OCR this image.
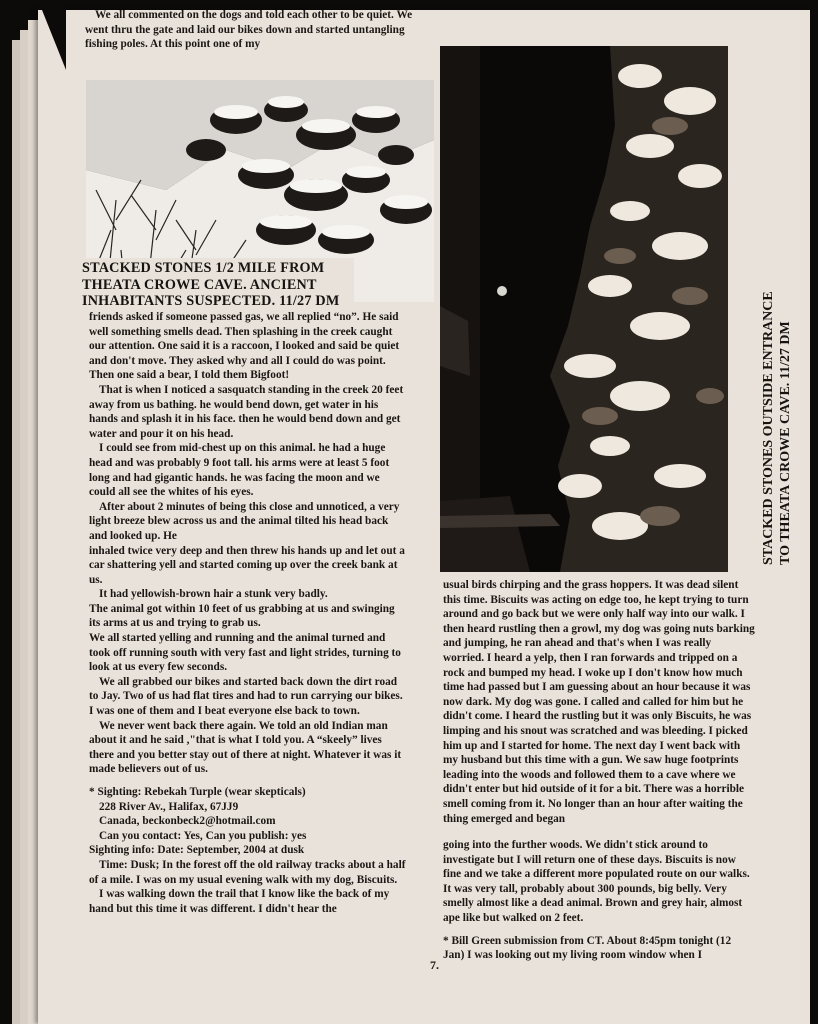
We all commented on the dogs and told each other to be quiet. We went thru the gate and laid our bikes down and started untangling fishing poles. At this point one of my

STACKED STONES 1/2 MILE FROM THEATA CROWE CAVE. ANCIENT INHABITANTS SUSPECTED. 11/27 DM	STACKED STONES OUTSIDE ENTRANCE TO THEATA CROWE CAVE. 11/27 DM

friends asked if someone passed gas, we all replied “no”. He said well something smells dead. Then splashing in the creek caught our attention. One said it is a raccoon, I looked and said be quiet and don't move. They asked why and all I could do was point. Then one said a bear, I told them Bigfoot!

That is when I noticed a sasquatch standing in the creek 20 feet away from us bathing. he would bend down, get water in his hands and splash it in his face. then he would bend down and get water and pour it on his head.

I could see from mid-chest up on this animal. he had a huge head and was probably 9 foot tall. his arms were at least 5 foot long and had gigantic hands. he was facing the moon and we could all see the whites of his eyes.

After about 2 minutes of being this close and unnoticed, a very light breeze blew across us and the animal tilted his head back and looked up. He

inhaled twice very deep and then threw his hands up and let out a car shattering yell and started coming up over the creek bank at us.

It had yellowish-brown hair a stunk very badly.

The animal got within 10 feet of us grabbing at us and swinging its arms at us and trying to grab us.

We all started yelling and running and the animal turned and took off running south with very fast and light strides, turning to look at us every few seconds.

We all grabbed our bikes and started back down the dirt road to Jay. Two of us had flat tires and had to run carrying our bikes. I was one of them and I beat everyone else back to town.

We never went back there again. We told an old Indian man about it and he said ,"that is what I told you. A “skeely” lives there and you better stay out of there at night. Whatever it was it made believers out of us.

* Sighting: Rebekah Turple (wear skepticals)

228 River Av., Halifax, 67JJ9

Canada, beckonbeck2@hotmail.com

Can you contact: Yes, Can you publish: yes

Sighting info: Date: September, 2004 at dusk

Time: Dusk; In the forest off the old railway tracks about a half of a mile. I was on my usual evening walk with my dog, Biscuits.

I was walking down the trail that I know like the back of my hand but this time it was different. I didn't hear the

usual birds chirping and the grass hoppers. It was dead silent this time. Biscuits was acting on edge too, he kept trying to turn around and go back but we were only half way into our walk. I then heard rustling then a growl, my dog was going nuts barking and jumping, he ran ahead and that's when I was really worried. I heard a yelp, then I ran forwards and tripped on a rock and bumped my head. I woke up I don't know how much time had passed but I am guessing about an hour because it was now dark. My dog was gone. I called and called for him but he didn't come. I heard the rustling but it was only Biscuits, he was limping and his snout was scratched and was bleeding. I picked him up and I started for home. The next day I went back with my husband but this time with a gun. We saw huge footprints leading into the woods and followed them to a cave where we didn't enter but hid outside of it for a bit. There was a horrible smell coming from it. No longer than an hour after waiting the thing emerged and began

going into the further woods. We didn't stick around to investigate but I will return one of these days. Biscuits is now fine and we take a different more populated route on our walks. It was very tall, probably about 300 pounds, big belly. Very smelly almost like a dead animal. Brown and grey hair, almost ape like but walked on 2 feet.

* Bill Green submission from CT. About 8:45pm tonight (12 Jan) I was looking out my living room window when I

7.
